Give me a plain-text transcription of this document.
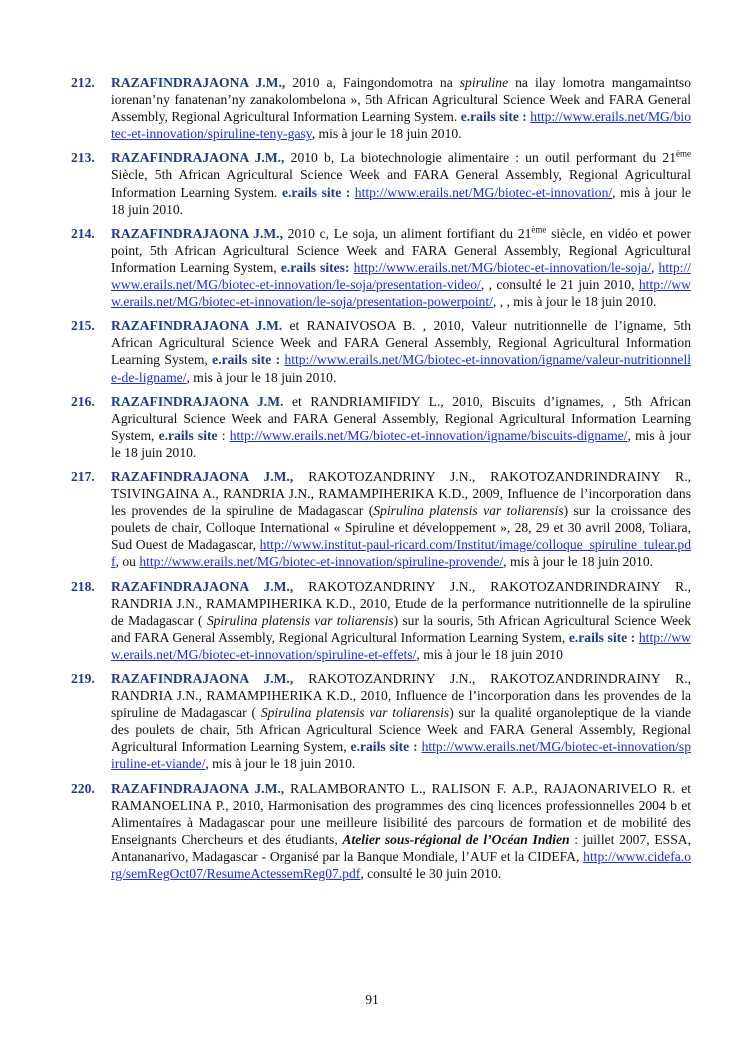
212. RAZAFINDRAJAONA J.M., 2010 a, Faingondomotra na spiruline na ilay lomotra mangamaintso iorenan’ny fanatenan’ny zanakolombelona », 5th African Agricultural Science Week and FARA General Assembly, Regional Agricultural Information Learning System. e.rails site : http://www.erails.net/MG/biotec-et-innovation/spiruline-teny-gasy, mis à jour le 18 juin 2010.
213. RAZAFINDRAJAONA J.M., 2010 b, La biotechnologie alimentaire : un outil performant du 21ème Siècle, 5th African Agricultural Science Week and FARA General Assembly, Regional Agricultural Information Learning System. e.rails site : http://www.erails.net/MG/biotec-et-innovation/, mis à jour le 18 juin 2010.
214. RAZAFINDRAJAONA J.M., 2010 c, Le soja, un aliment fortifiant du 21ème siècle, en vidéo et power point, 5th African Agricultural Science Week and FARA General Assembly, Regional Agricultural Information Learning System, e.rails sites: http://www.erails.net/MG/biotec-et-innovation/le-soja/, http://www.erails.net/MG/biotec-et-innovation/le-soja/presentation-video/, , consulté le 21 juin 2010, http://www.erails.net/MG/biotec-et-innovation/le-soja/presentation-powerpoint/, , , mis à jour le 18 juin 2010.
215. RAZAFINDRAJAONA J.M. et RANAIVOSOA B. , 2010, Valeur nutritionnelle de l’igname, 5th African Agricultural Science Week and FARA General Assembly, Regional Agricultural Information Learning System, e.rails site : http://www.erails.net/MG/biotec-et-innovation/igname/valeur-nutritionnelle-de-ligname/, mis à jour le 18 juin 2010.
216. RAZAFINDRAJAONA J.M. et RANDRIAMIFIDY L., 2010, Biscuits d’ignames, , 5th African Agricultural Science Week and FARA General Assembly, Regional Agricultural Information Learning System, e.rails site : http://www.erails.net/MG/biotec-et-innovation/igname/biscuits-digname/, mis à jour le 18 juin 2010.
217. RAZAFINDRAJAONA J.M., RAKOTOZANDRINY J.N., RAKOTOZANDRINDRAINY R., TSIVINGAINA A., RANDRIA J.N., RAMAMPIHERIKA K.D., 2009, Influence de l’incorporation dans les provendes de la spiruline de Madagascar (Spirulina platensis var toliarensis) sur la croissance des poulets de chair, Colloque International « Spiruline et développement », 28, 29 et 30 avril 2008, Toliara, Sud Ouest de Madagascar, http://www.institut-paul-ricard.com/Institut/image/colloque_spiruline_tulear.pdf, ou http://www.erails.net/MG/biotec-et-innovation/spiruline-provende/, mis à jour le 18 juin 2010.
218. RAZAFINDRAJAONA J.M., RAKOTOZANDRINY J.N., RAKOTOZANDRINDRAINY R., RANDRIA J.N., RAMAMPIHERIKA K.D., 2010, Etude de la performance nutritionnelle de la spiruline de Madagascar ( Spirulina platensis var toliarensis) sur la souris, 5th African Agricultural Science Week and FARA General Assembly, Regional Agricultural Information Learning System, e.rails site : http://www.erails.net/MG/biotec-et-innovation/spiruline-et-effets/, mis à jour le 18 juin 2010
219. RAZAFINDRAJAONA J.M., RAKOTOZANDRINY J.N., RAKOTOZANDRINDRAINY R., RANDRIA J.N., RAMAMPIHERIKA K.D., 2010, Influence de l’incorporation dans les provendes de la spiruline de Madagascar ( Spirulina platensis var toliarensis) sur la qualité organoleptique de la viande des poulets de chair, 5th African Agricultural Science Week and FARA General Assembly, Regional Agricultural Information Learning System, e.rails site : http://www.erails.net/MG/biotec-et-innovation/spiruline-et-viande/, mis à jour le 18 juin 2010.
220. RAZAFINDRAJAONA J.M., RALAMBORANTO L., RALISON F. A.P., RAJAONARIVELO R. et RAMANOELINA P., 2010, Harmonisation des programmes des cinq licences professionnelles 2004 b et Alimentaires à Madagascar pour une meilleure lisibilité des parcours de formation et de mobilité des Enseignants Chercheurs et des étudiants, Atelier sous-régional de l’Océan Indien : juillet 2007, ESSA, Antananarivo, Madagascar - Organisé par la Banque Mondiale, l’AUF et la CIDEFA, http://www.cidefa.org/semRegOct07/ResumeActessemReg07.pdf, consulté le 30 juin 2010.
91
